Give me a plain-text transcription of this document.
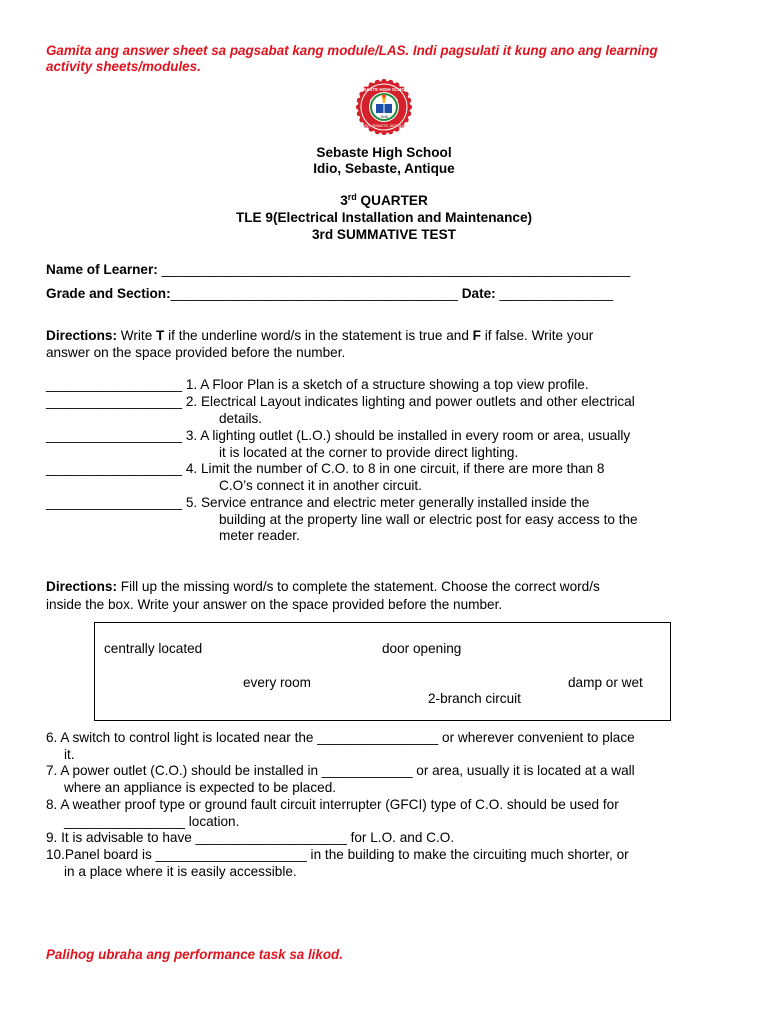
Gamita ang answer sheet sa pagsabat kang module/LAS. Indi pagsulati it kung ano ang learning
activity sheets/modules.
SEBASTE HIGH SCHOOL
IDIO, SEBASTE, ANTIQUE
1946
Sebaste High School
Idio, Sebaste, Antique
3rd QUARTER
TLE 9(Electrical Installation and Maintenance)
3rd SUMMATIVE TEST
Name of Learner: ______________________________________________________________
Grade and Section:______________________________________ Date: _______________
Directions: Write T if the underline word/s in the statement is true and F if false. Write your
answer on the space provided before the number.
__________________ 1. A Floor Plan is a sketch of a structure showing a top view profile.
__________________ 2. Electrical Layout indicates lighting and power outlets and other electrical
details.
__________________ 3. A lighting outlet (L.O.) should be installed in every room or area, usually
it is located at the corner to provide direct lighting.
__________________ 4. Limit the number of C.O. to 8 in one circuit, if there are more than 8
C.O’s connect it in another circuit.
__________________ 5. Service entrance and electric meter generally installed inside the
building at the property line wall or electric post for easy access to the
meter reader.
Directions: Fill up the missing word/s to complete the statement. Choose the correct word/s
inside the box. Write your answer on the space provided before the number.
centrally located	door opening
every room	damp or wet
2-branch circuit
6. A switch to control light is located near the ________________ or wherever convenient to place
it.
7. A power outlet (C.O.) should be installed in ____________ or area, usually it is located at a wall
where an appliance is expected to be placed.
8. A weather proof type or ground fault circuit interrupter (GFCI) type of C.O. should be used for
________________ location.
9. It is advisable to have ____________________ for L.O. and C.O.
10.Panel board is ____________________ in the building to make the circuiting much shorter, or
in a place where it is easily accessible.
Palihog ubraha ang performance task sa likod.
